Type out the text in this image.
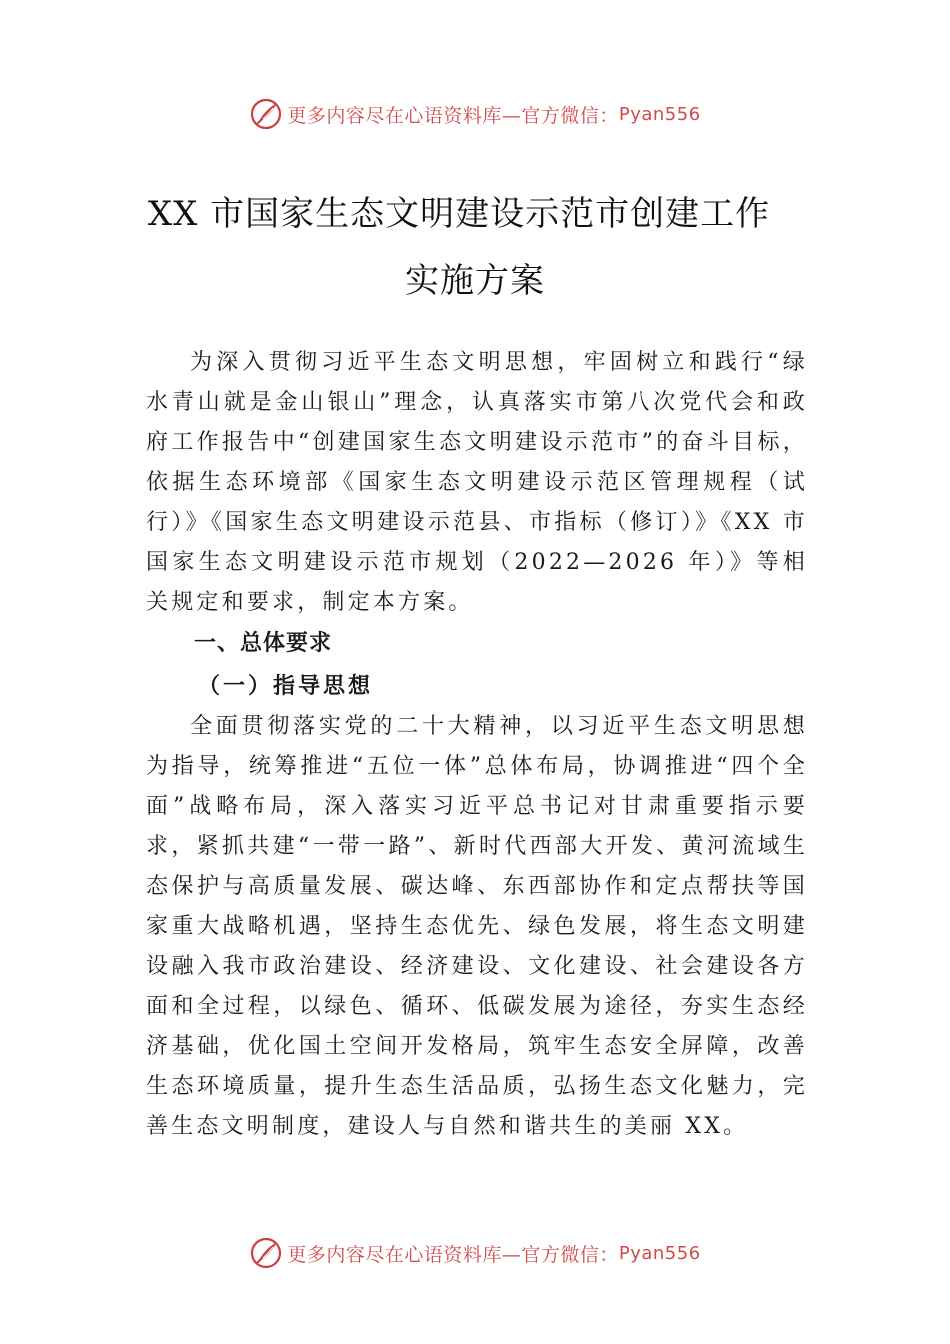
更多内容尽在心语资料库—官方微信： Pyan556
XX 市国家生态文明建设示范市创建工作
实施方案

为深入贯彻习近平生态文明思想，牢固树立和践行“绿水青山就是金山银山”理念，认真落实市第八次党代会和政府工作报告中“创建国家生态文明建设示范市”的奋斗目标，依据生态环境部《国家生态文明建设示范区管理规程（试行）》《国家生态文明建设示范县、市指标（修订）》《XX 市国家生态文明建设示范市规划（2022—2026 年）》等相关规定和要求，制定本方案。

一、总体要求

（一）指导思想

全面贯彻落实党的二十大精神，以习近平生态文明思想为指导，统筹推进“五位一体”总体布局，协调推进“四个全面”战略布局，深入落实习近平总书记对甘肃重要指示要求，紧抓共建“一带一路”、新时代西部大开发、黄河流域生态保护与高质量发展、碳达峰、东西部协作和定点帮扶等国家重大战略机遇，坚持生态优先、绿色发展，将生态文明建设融入我市政治建设、经济建设、文化建设、社会建设各方面和全过程，以绿色、循环、低碳发展为途径，夯实生态经济基础，优化国土空间开发格局，筑牢生态安全屏障，改善生态环境质量，提升生态生活品质，弘扬生态文化魅力，完善生态文明制度，建设人与自然和谐共生的美丽 XX。

更多内容尽在心语资料库—官方微信： Pyan556
